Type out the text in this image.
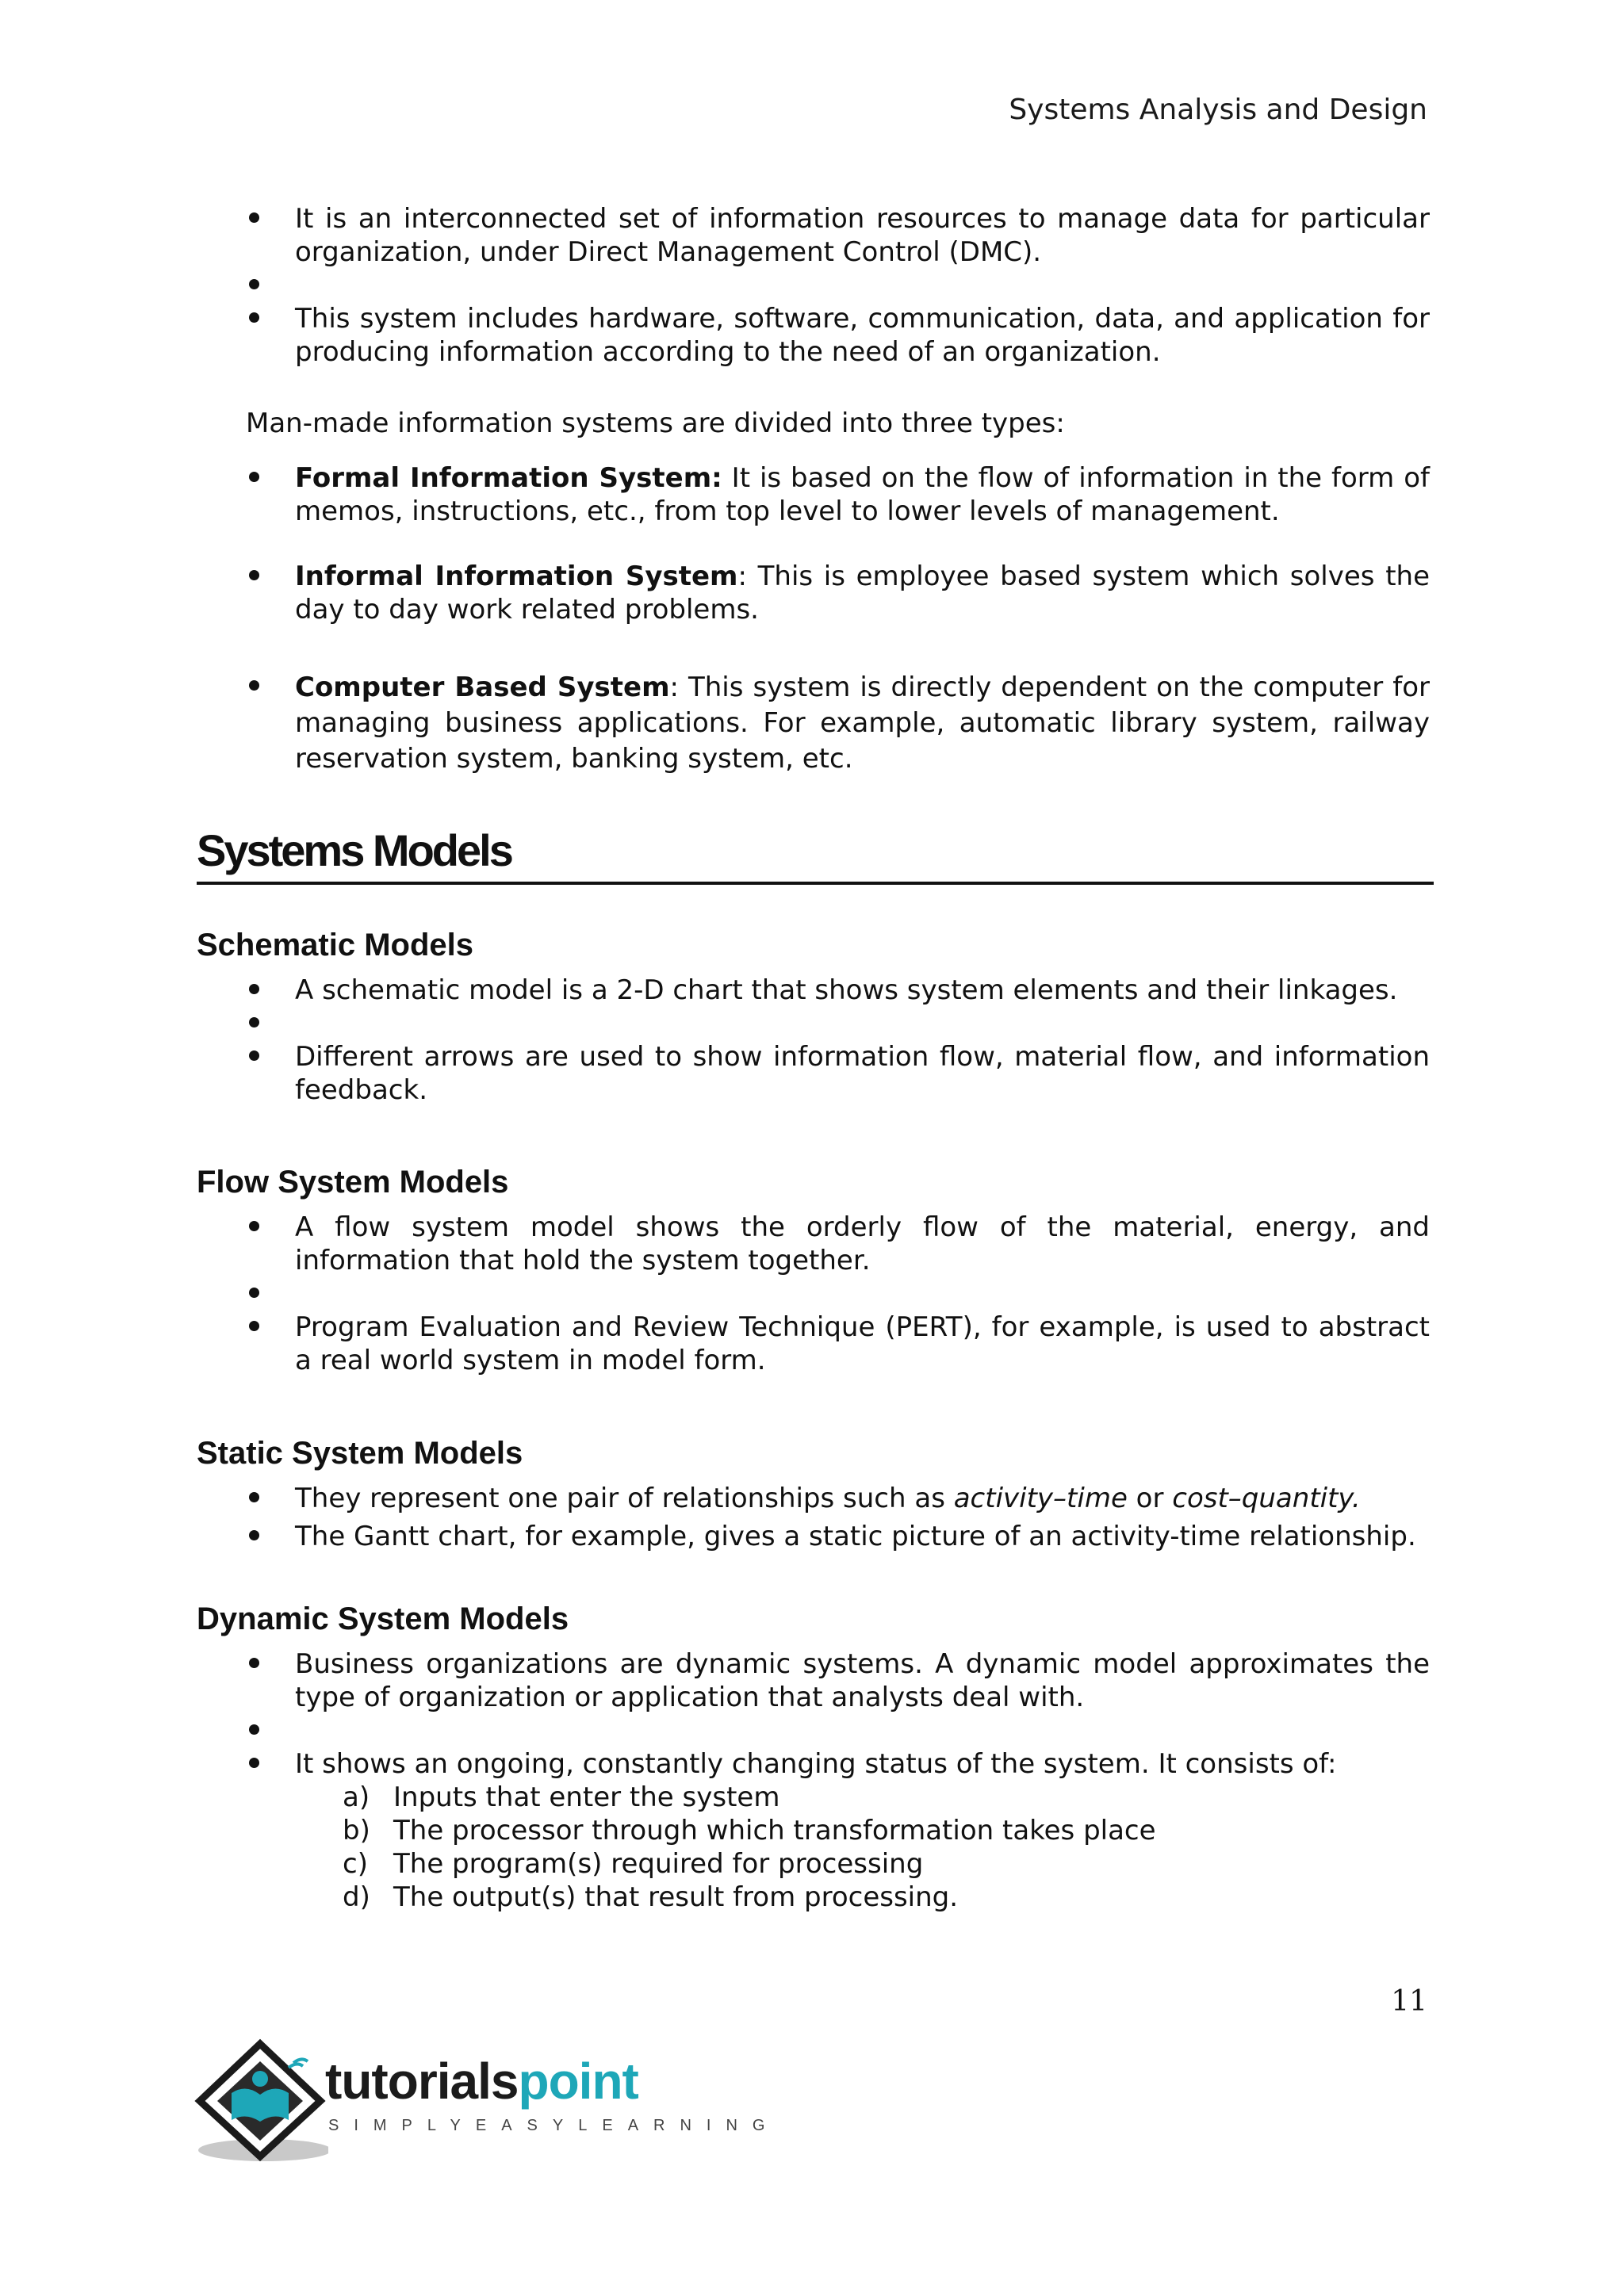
Systems Analysis and Design

It is an interconnected set of information resources to manage data for particular organization, under Direct Management Control (DMC).

This system includes hardware, software, communication, data, and application for producing information according to the need of an organization.

Man-made information systems are divided into three types:

Formal Information System: It is based on the flow of information in the form of memos, instructions, etc., from top level to lower levels of management.

Informal Information System: This is employee based system which solves the day to day work related problems.

Computer Based System: This system is directly dependent on the computer for managing business applications. For example, automatic library system, railway reservation system, banking system, etc.

Systems Models
Schematic Models

A schematic model is a 2-D chart that shows system elements and their linkages.

Different arrows are used to show information flow, material flow, and information feedback.

Flow System Models

A flow system model shows the orderly flow of the material, energy, and information that hold the system together.

Program Evaluation and Review Technique (PERT), for example, is used to abstract a real world system in model form.

Static System Models

They represent one pair of relationships such as activity–time or cost–quantity.

The Gantt chart, for example, gives a static picture of an activity-time relationship.

Dynamic System Models

Business organizations are dynamic systems. A dynamic model approximates the type of organization or application that analysts deal with.

It shows an ongoing, constantly changing status of the system. It consists of:

a) Inputs that enter the system

b) The processor through which transformation takes place

c) The program(s) required for processing

d) The output(s) that result from processing.

11
tutorialspoint
SIMPLYEASYLEARNING
